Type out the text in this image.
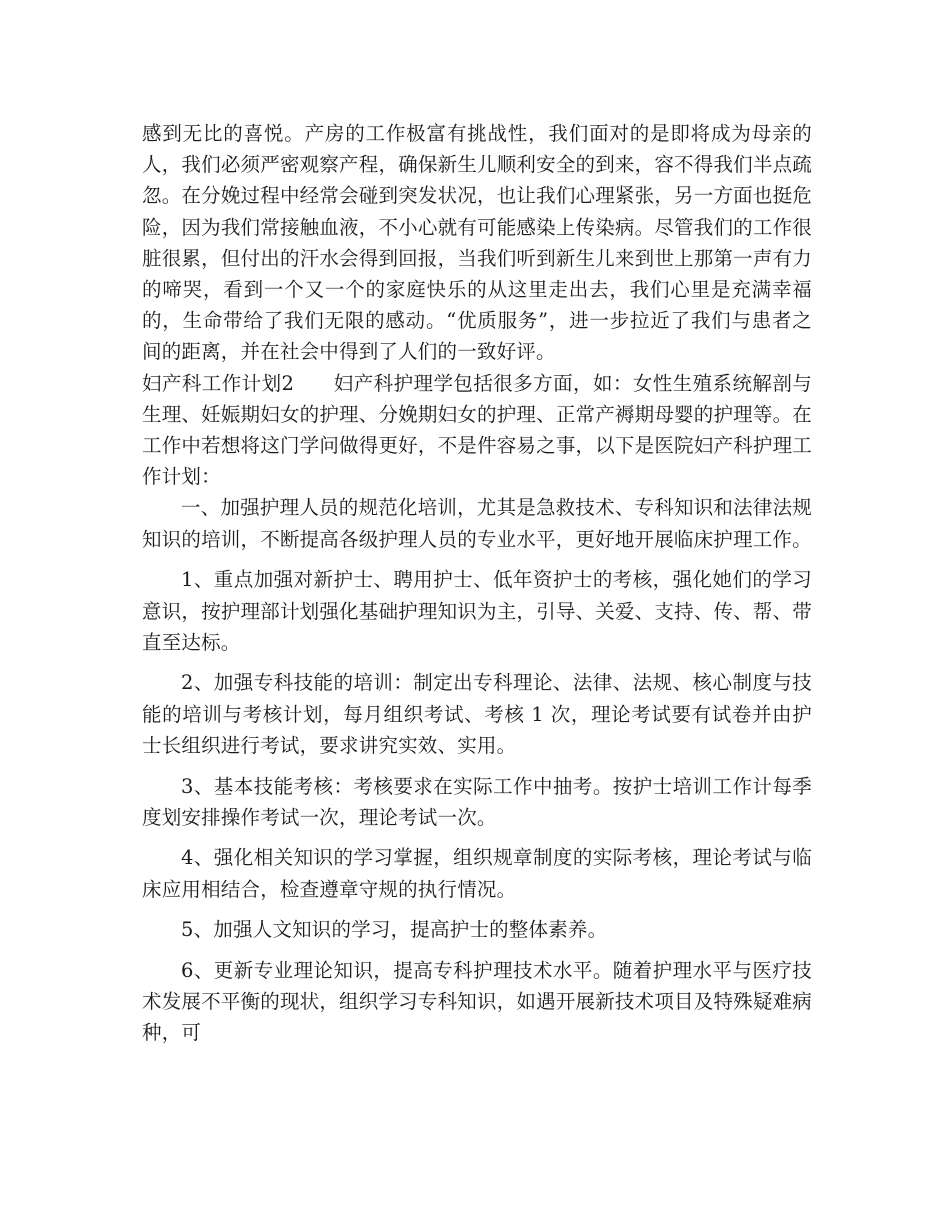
感到无比的喜悦。产房的工作极富有挑战性，我们面对的是即将成为母亲的人，我们必须严密观察产程，确保新生儿顺利安全的到来，容不得我们半点疏忽。在分娩过程中经常会碰到突发状况，也让我们心理紧张，另一方面也挺危险，因为我们常接触血液，不小心就有可能感染上传染病。尽管我们的工作很脏很累，但付出的汗水会得到回报，当我们听到新生儿来到世上那第一声有力的啼哭，看到一个又一个的家庭快乐的从这里走出去，我们心里是充满幸福的，生命带给了我们无限的感动。“优质服务”，进一步拉近了我们与患者之间的距离，并在社会中得到了人们的一致好评。

妇产科工作计划2   妇产科护理学包括很多方面，如：女性生殖系统解剖与生理、妊娠期妇女的护理、分娩期妇女的护理、正常产褥期母婴的护理等。在工作中若想将这门学问做得更好，不是件容易之事，以下是医院妇产科护理工作计划：

一、加强护理人员的规范化培训，尤其是急救技术、专科知识和法律法规知识的培训，不断提高各级护理人员的专业水平，更好地开展临床护理工作。

1、重点加强对新护士、聘用护士、低年资护士的考核，强化她们的学习意识，按护理部计划强化基础护理知识为主，引导、关爱、支持、传、帮、带直至达标。

2、加强专科技能的培训：制定出专科理论、法律、法规、核心制度与技能的培训与考核计划，每月组织考试、考核 1 次，理论考试要有试卷并由护士长组织进行考试，要求讲究实效、实用。

3、基本技能考核：考核要求在实际工作中抽考。按护士培训工作计每季度划安排操作考试一次，理论考试一次。

4、强化相关知识的学习掌握，组织规章制度的实际考核，理论考试与临床应用相结合，检查遵章守规的执行情况。

5、加强人文知识的学习，提高护士的整体素养。

6、更新专业理论知识，提高专科护理技术水平。随着护理水平与医疗技术发展不平衡的现状，组织学习专科知识，如遇开展新技术项目及特殊疑难病种，可
